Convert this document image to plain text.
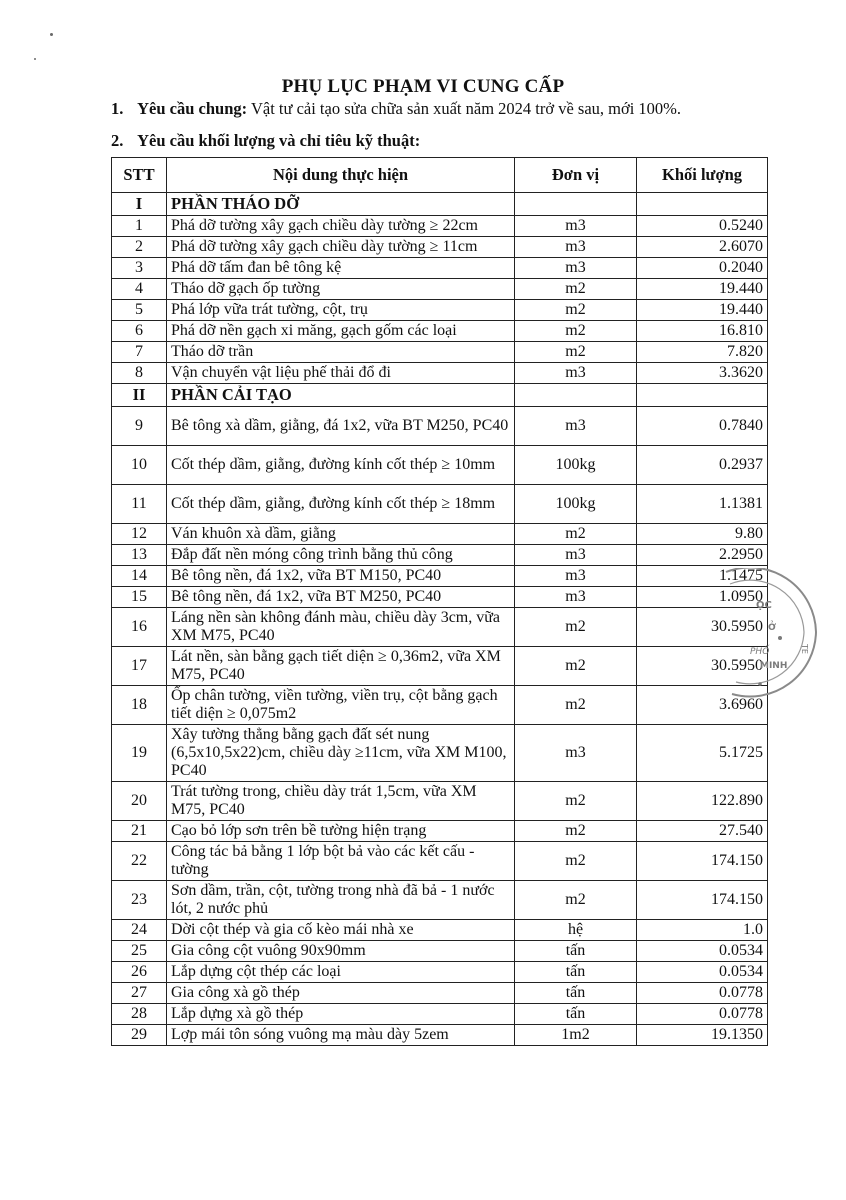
PHỤ LỤC PHẠM VI CUNG CẤP
1. Yêu cầu chung: Vật tư cải tạo sửa chữa sản xuất năm 2024 trở về sau, mới 100%.
2. Yêu cầu khối lượng và chỉ tiêu kỹ thuật:
STT	Nội dung thực hiện	Đơn vị	Khối lượng
I	PHẦN THÁO DỠ		
1	Phá dỡ tường xây gạch chiều dày tường ≥ 22cm	m3	0.5240
2	Phá dỡ tường xây gạch chiều dày tường ≥ 11cm	m3	2.6070
3	Phá dỡ tấm đan bê tông kệ	m3	0.2040
4	Tháo dỡ gạch ốp tường	m2	19.440
5	Phá lớp vữa trát tường, cột, trụ	m2	19.440
6	Phá dỡ nền gạch xi măng, gạch gốm các loại	m2	16.810
7	Tháo dỡ trần	m2	7.820
8	Vận chuyển vật liệu phế thải đổ đi	m3	3.3620
II	PHẦN CẢI TẠO		
9	Bê tông xà dầm, giằng, đá 1x2, vữa BT M250, PC40	m3	0.7840
10	Cốt thép dầm, giằng, đường kính cốt thép ≥ 10mm	100kg	0.2937
11	Cốt thép dầm, giằng, đường kính cốt thép ≥ 18mm	100kg	1.1381
12	Ván khuôn xà dầm, giằng	m2	9.80
13	Đắp đất nền móng công trình bằng thủ công	m3	2.2950
14	Bê tông nền, đá 1x2, vữa BT M150, PC40	m3	1.1475
15	Bê tông nền, đá 1x2, vữa BT M250, PC40	m3	1.0950
16	Láng nền sàn không đánh màu, chiều dày 3cm, vữa XM M75, PC40	m2	30.5950
17	Lát nền, sàn bằng gạch tiết diện ≥ 0,36m2, vữa XM M75, PC40	m2	30.5950
18	Ốp chân tường, viền tường, viền trụ, cột bằng gạch tiết diện ≥ 0,075m2	m2	3.6960
19	Xây tường thẳng bằng gạch đất sét nung (6,5x10,5x22)cm, chiều dày ≥11cm, vữa XM M100, PC40	m3	5.1725
20	Trát tường trong, chiều dày trát 1,5cm, vữa XM M75, PC40	m2	122.890
21	Cạo bỏ lớp sơn trên bề tường hiện trạng	m2	27.540
22	Công tác bả bằng 1 lớp bột bả vào các kết cấu - tường	m2	174.150
23	Sơn dầm, trần, cột, tường trong nhà đã bả - 1 nước lót, 2 nước phủ	m2	174.150
24	Dời cột thép và gia cố kèo mái nhà xe	hệ	1.0
25	Gia công cột vuông 90x90mm	tấn	0.0534
26	Lắp dựng cột thép các loại	tấn	0.0534
27	Gia công xà gồ thép	tấn	0.0778
28	Lắp dựng xà gồ thép	tấn	0.0778
29	Lợp mái tôn sóng vuông mạ màu dày 5zem	1m2	19.1350
ỌC
Ở
PHỐ
MINH
TE
